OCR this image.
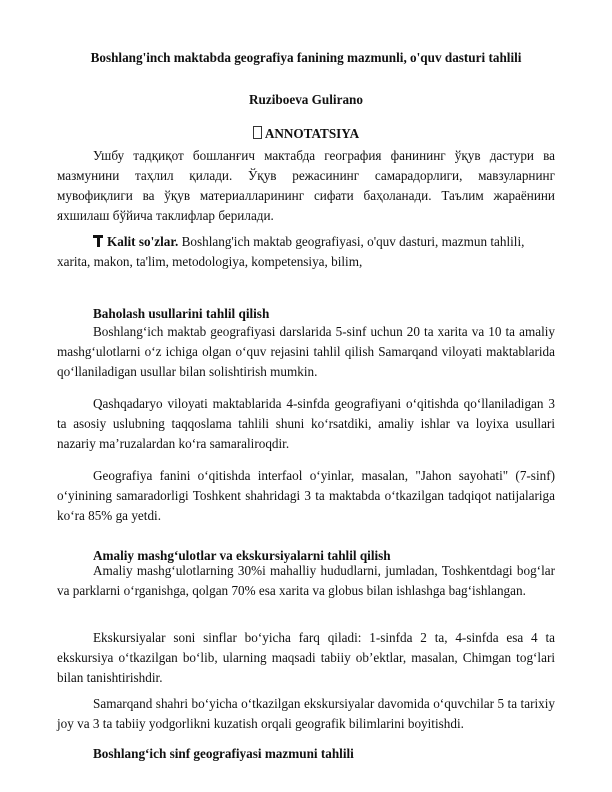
Boshlang'inch maktabda geografiya fanining mazmunli, o'quv dasturi tahlili
Ruziboeva Gulirano
ANNOTATSIYA

Ушбу тадқиқот бошланғич мактабда география фанининг ўқув дастури ва мазмунини таҳлил қилади. Ўқув режасининг самарадорлиги, мавзуларнинг мувофиқлиги ва ўқув материалларининг сифати баҳоланади. Таълим жараёнини яхшилаш бўйича таклифлар берилади.

Kalit so'zlar. Boshlang'ich maktab geografiyasi, o'quv dasturi, mazmun tahlili, xarita, makon, ta'lim, metodologiya, kompetensiya, bilim,

Baholash usullarini tahlil qilish

Boshlang‘ich maktab geografiyasi darslarida 5-sinf uchun 20 ta xarita va 10 ta amaliy mashg‘ulotlarni o‘z ichiga olgan o‘quv rejasini tahlil qilish Samarqand viloyati maktablarida qo‘llaniladigan usullar bilan solishtirish mumkin.

Qashqadaryo viloyati maktablarida 4-sinfda geografiyani o‘qitishda qo‘llaniladigan 3 ta asosiy uslubning taqqoslama tahlili shuni ko‘rsatdiki, amaliy ishlar va loyixa usullari nazariy ma’ruzalardan ko‘ra samaraliroqdir.

Geografiya fanini o‘qitishda interfaol o‘yinlar, masalan, "Jahon sayohati" (7-sinf) o‘yinining samaradorligi Toshkent shahridagi 3 ta maktabda o‘tkazilgan tadqiqot natijalariga ko‘ra 85% ga yetdi.

Amaliy mashg‘ulotlar va ekskursiyalarni tahlil qilish

Amaliy mashg‘ulotlarning 30%i mahalliy hududlarni, jumladan, Toshkentdagi bog‘lar va parklarni o‘rganishga, qolgan 70% esa xarita va globus bilan ishlashga bag‘ishlangan.

Ekskursiyalar soni sinflar bo‘yicha farq qiladi: 1-sinfda 2 ta, 4-sinfda esa 4 ta ekskursiya o‘tkazilgan bo‘lib, ularning maqsadi tabiiy ob’ektlar, masalan, Chimgan tog‘lari bilan tanishtirishdir.

Samarqand shahri bo‘yicha o‘tkazilgan ekskursiyalar davomida o‘quvchilar 5 ta tarixiy joy va 3 ta tabiiy yodgorlikni kuzatish orqali geografik bilimlarini boyitishdi.

Boshlang‘ich sinf geografiyasi mazmuni tahlili
